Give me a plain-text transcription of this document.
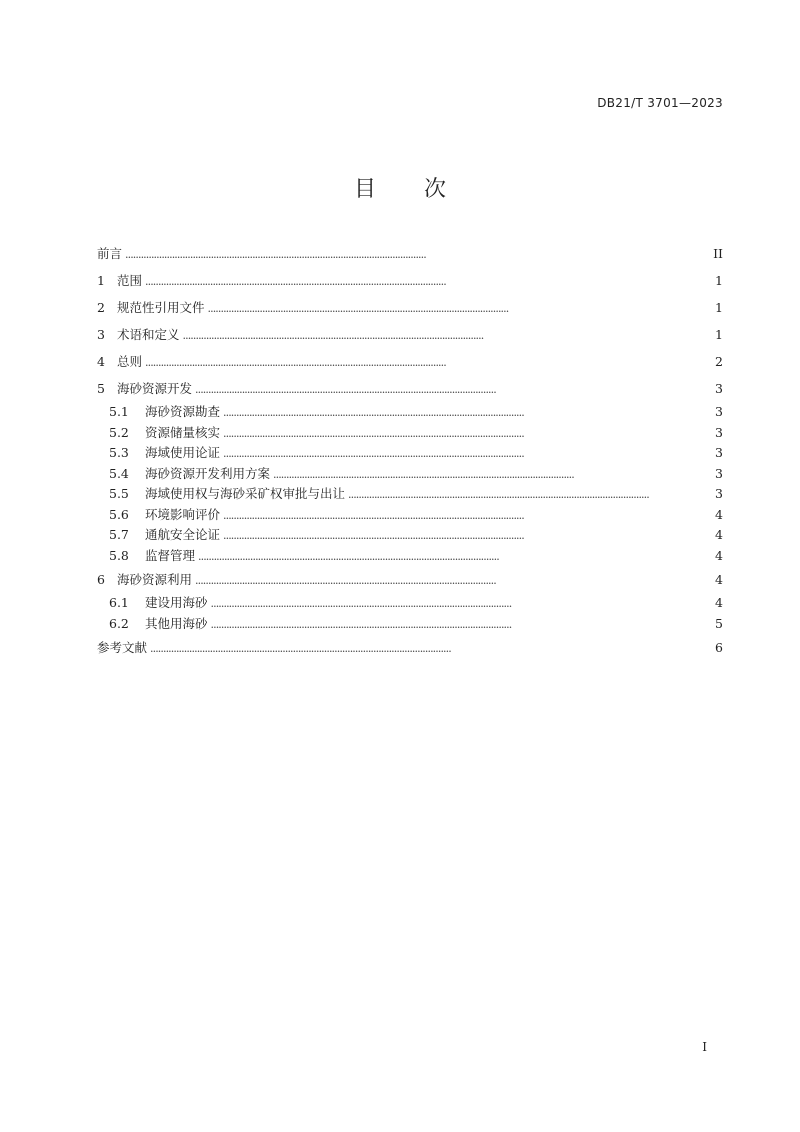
DB21/T 3701—2023
目 次
前言 . . .	II
1 范围 . . .	1
2 规范性引用文件 . . .	1
3 术语和定义 . . .	1
4 总则 . . .	2
5 海砂资源开发 . . .	3
5.1	海砂资源勘查 . . .	3
5.2	资源储量核实 . . .	3
5.3	海域使用论证 . . .	3
5.4	海砂资源开发利用方案 . . .	3
5.5	海域使用权与海砂采矿权审批与出让 . . .	3
5.6	环境影响评价 . . .	4
5.7	通航安全论证 . . .	4
5.8	监督管理 . . .	4
6 海砂资源利用 . . .	4
6.1	建设用海砂 . . .	4
6.2	其他用海砂 . . .	5
参考文献 . . .	6
I
